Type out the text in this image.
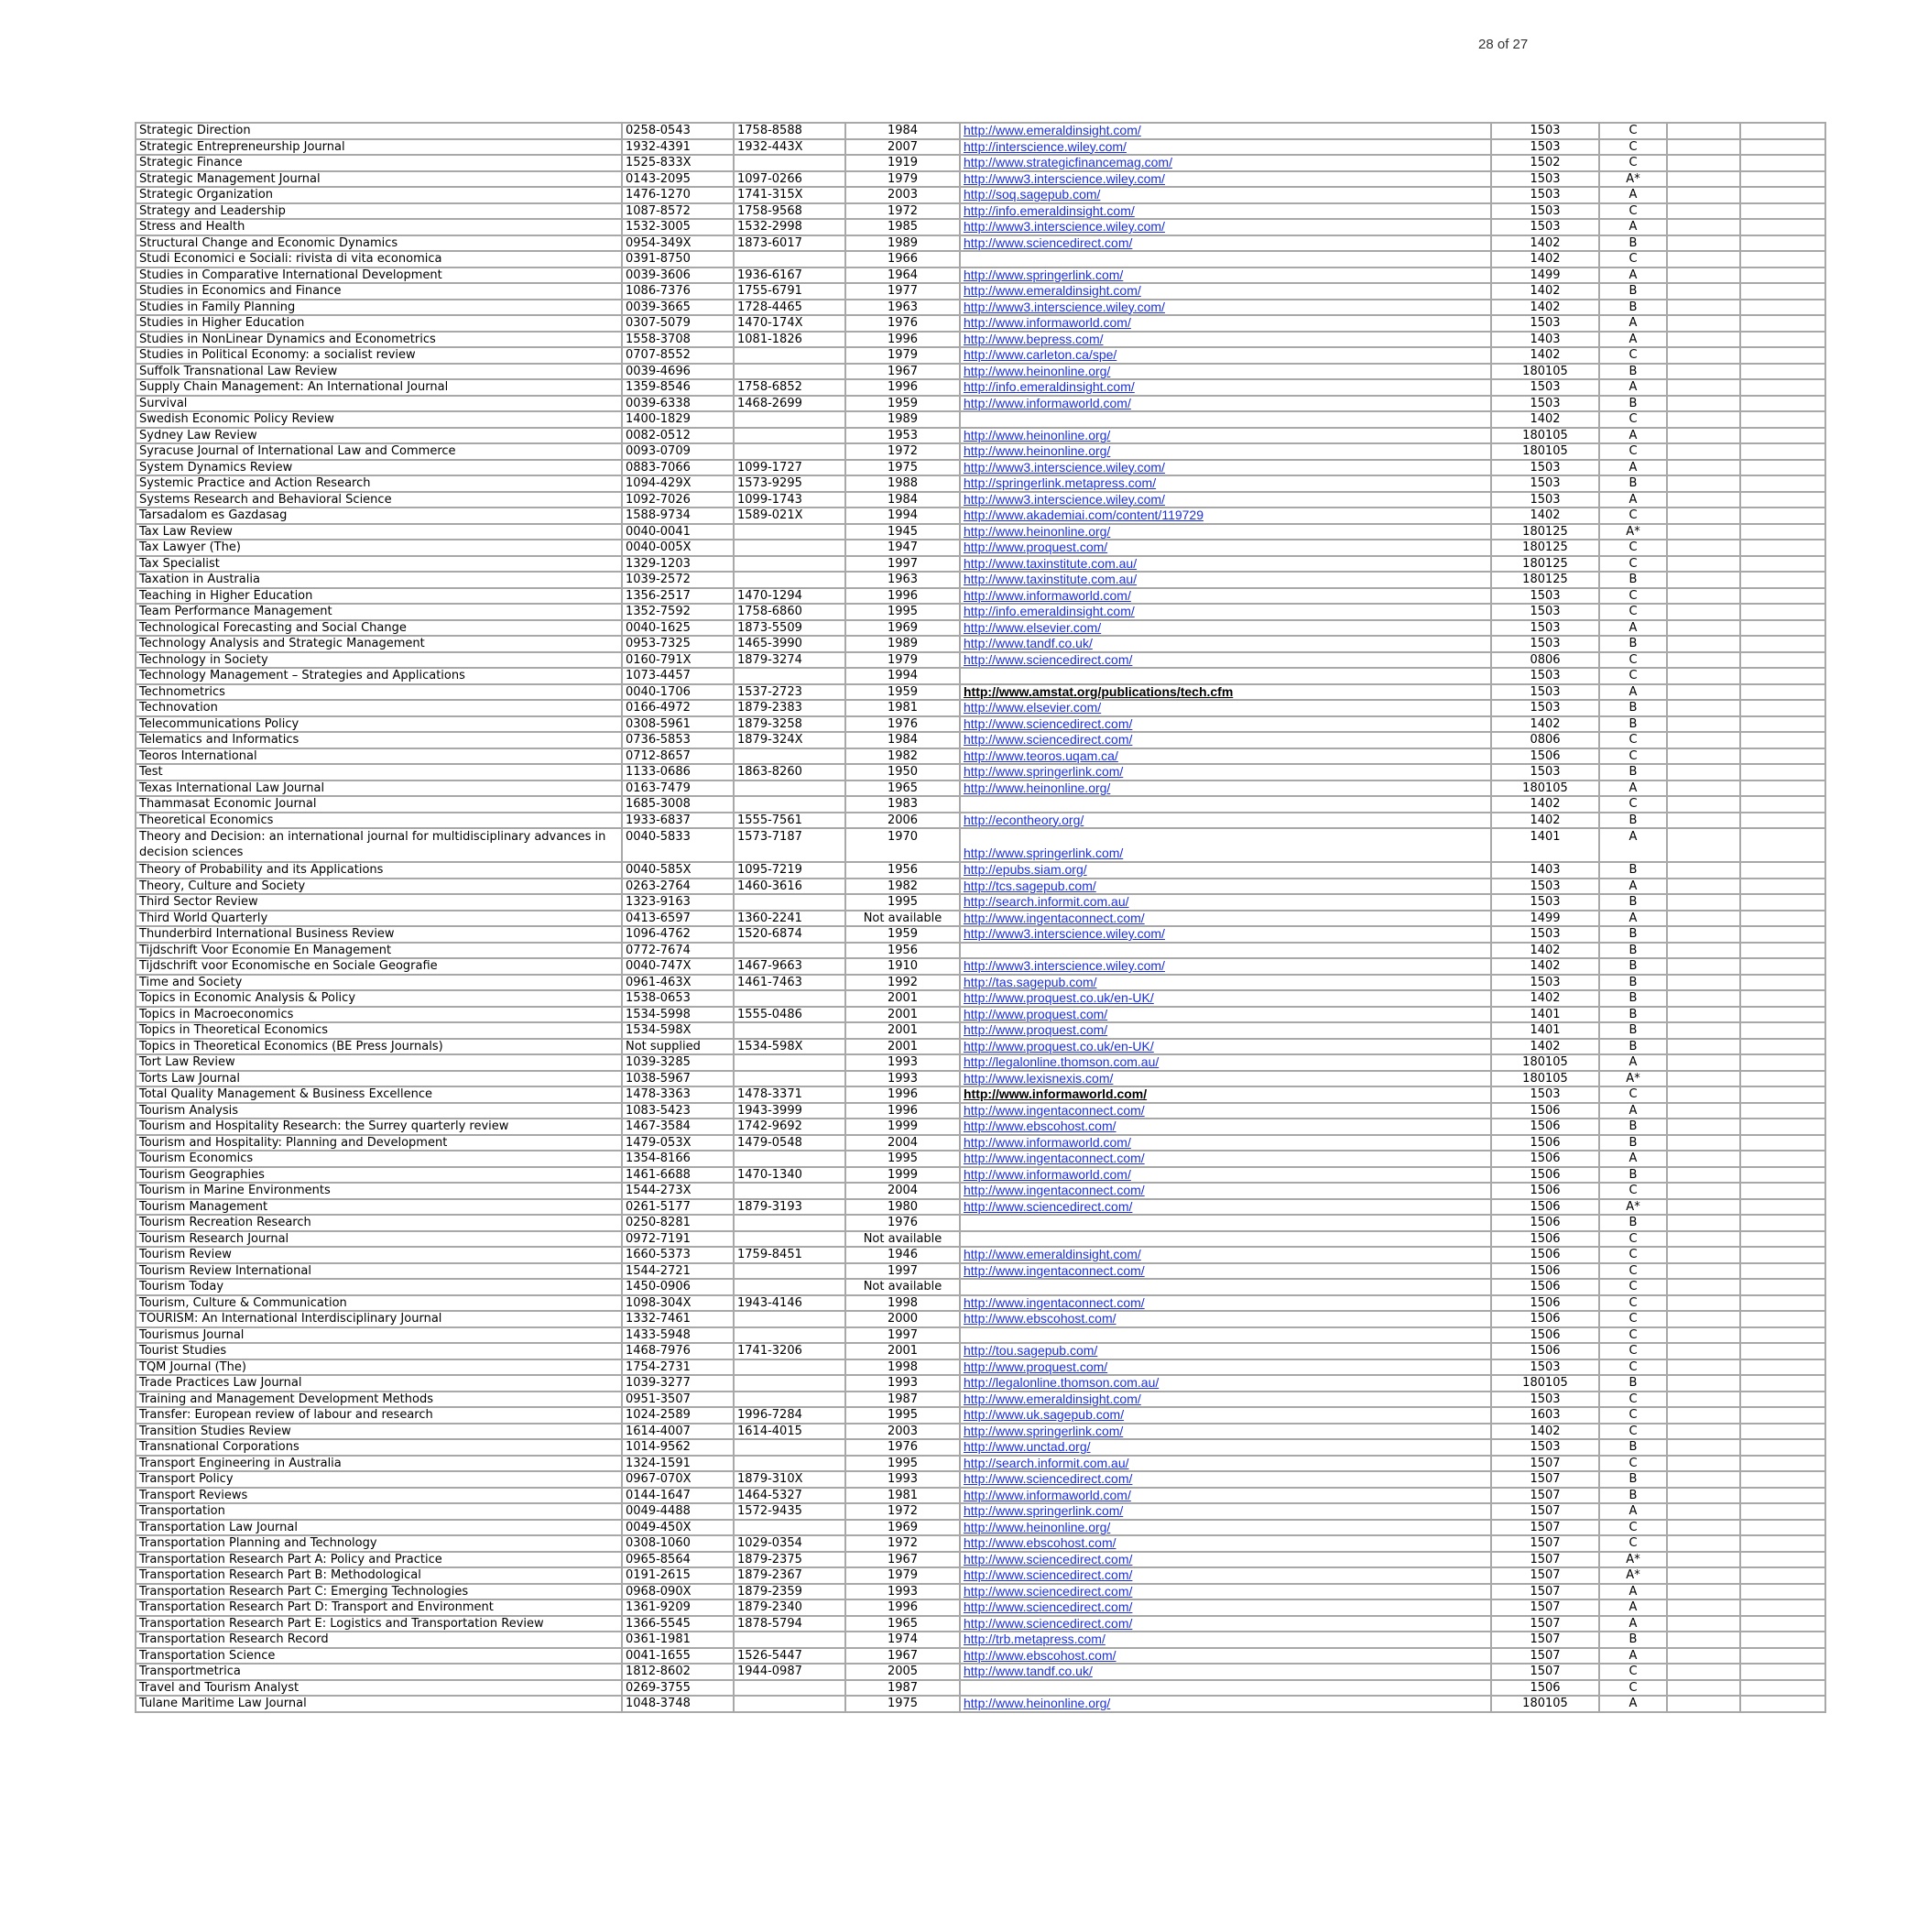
28 of 27
Strategic Direction	0258-0543	1758-8588	1984	http://www.emeraldinsight.com/	1503	C		
Strategic Entrepreneurship Journal	1932-4391	1932-443X	2007	http://interscience.wiley.com/	1503	C		
Strategic Finance	1525-833X		1919	http://www.strategicfinancemag.com/	1502	C		
Strategic Management Journal	0143-2095	1097-0266	1979	http://www3.interscience.wiley.com/	1503	A*		
Strategic Organization	1476-1270	1741-315X	2003	http://soq.sagepub.com/	1503	A		
Strategy and Leadership	1087-8572	1758-9568	1972	http://info.emeraldinsight.com/	1503	C		
Stress and Health	1532-3005	1532-2998	1985	http://www3.interscience.wiley.com/	1503	A		
Structural Change and Economic Dynamics	0954-349X	1873-6017	1989	http://www.sciencedirect.com/	1402	B		
Studi Economici e Sociali: rivista di vita economica	0391-8750		1966		1402	C		
Studies in Comparative International Development	0039-3606	1936-6167	1964	http://www.springerlink.com/	1499	A		
Studies in Economics and Finance	1086-7376	1755-6791	1977	http://www.emeraldinsight.com/	1402	B		
Studies in Family Planning	0039-3665	1728-4465	1963	http://www3.interscience.wiley.com/	1402	B		
Studies in Higher Education	0307-5079	1470-174X	1976	http://www.informaworld.com/	1503	A		
Studies in NonLinear Dynamics and Econometrics	1558-3708	1081-1826	1996	http://www.bepress.com/	1403	A		
Studies in Political Economy: a socialist review	0707-8552		1979	http://www.carleton.ca/spe/	1402	C		
Suffolk Transnational Law Review	0039-4696		1967	http://www.heinonline.org/	180105	B		
Supply Chain Management: An International Journal	1359-8546	1758-6852	1996	http://info.emeraldinsight.com/	1503	A		
Survival	0039-6338	1468-2699	1959	http://www.informaworld.com/	1503	B		
Swedish Economic Policy Review	1400-1829		1989		1402	C		
Sydney Law Review	0082-0512		1953	http://www.heinonline.org/	180105	A		
Syracuse Journal of International Law and Commerce	0093-0709		1972	http://www.heinonline.org/	180105	C		
System Dynamics Review	0883-7066	1099-1727	1975	http://www3.interscience.wiley.com/	1503	A		
Systemic Practice and Action Research	1094-429X	1573-9295	1988	http://springerlink.metapress.com/	1503	B		
Systems Research and Behavioral Science	1092-7026	1099-1743	1984	http://www3.interscience.wiley.com/	1503	A		
Tarsadalom es Gazdasag	1588-9734	1589-021X	1994	http://www.akademiai.com/content/119729	1402	C		
Tax Law Review	0040-0041		1945	http://www.heinonline.org/	180125	A*		
Tax Lawyer (The)	0040-005X		1947	http://www.proquest.com/	180125	C		
Tax Specialist	1329-1203		1997	http://www.taxinstitute.com.au/	180125	C		
Taxation in Australia	1039-2572		1963	http://www.taxinstitute.com.au/	180125	B		
Teaching in Higher Education	1356-2517	1470-1294	1996	http://www.informaworld.com/	1503	C		
Team Performance Management	1352-7592	1758-6860	1995	http://info.emeraldinsight.com/	1503	C		
Technological Forecasting and Social Change	0040-1625	1873-5509	1969	http://www.elsevier.com/	1503	A		
Technology Analysis and Strategic Management	0953-7325	1465-3990	1989	http://www.tandf.co.uk/	1503	B		
Technology in Society	0160-791X	1879-3274	1979	http://www.sciencedirect.com/	0806	C		
Technology Management – Strategies and Applications	1073-4457		1994		1503	C		
Technometrics	0040-1706	1537-2723	1959	http://www.amstat.org/publications/tech.cfm	1503	A		
Technovation	0166-4972	1879-2383	1981	http://www.elsevier.com/	1503	B		
Telecommunications Policy	0308-5961	1879-3258	1976	http://www.sciencedirect.com/	1402	B		
Telematics and Informatics	0736-5853	1879-324X	1984	http://www.sciencedirect.com/	0806	C		
Teoros International	0712-8657		1982	http://www.teoros.uqam.ca/	1506	C		
Test	1133-0686	1863-8260	1950	http://www.springerlink.com/	1503	B		
Texas International Law Journal	0163-7479		1965	http://www.heinonline.org/	180105	A		
Thammasat Economic Journal	1685-3008		1983		1402	C		
Theoretical Economics	1933-6837	1555-7561	2006	http://econtheory.org/	1402	B		
Theory and Decision: an international journal for multidisciplinary advances in decision sciences	0040-5833	1573-7187	1970	http://www.springerlink.com/	1401	A		
Theory of Probability and its Applications	0040-585X	1095-7219	1956	http://epubs.siam.org/	1403	B		
Theory, Culture and Society	0263-2764	1460-3616	1982	http://tcs.sagepub.com/	1503	A		
Third Sector Review	1323-9163		1995	http://search.informit.com.au/	1503	B		
Third World Quarterly	0413-6597	1360-2241	Not available	http://www.ingentaconnect.com/	1499	A		
Thunderbird International Business Review	1096-4762	1520-6874	1959	http://www3.interscience.wiley.com/	1503	B		
Tijdschrift Voor Economie En Management	0772-7674		1956		1402	B		
Tijdschrift voor Economische en Sociale Geografie	0040-747X	1467-9663	1910	http://www3.interscience.wiley.com/	1402	B		
Time and Society	0961-463X	1461-7463	1992	http://tas.sagepub.com/	1503	B		
Topics in Economic Analysis & Policy	1538-0653		2001	http://www.proquest.co.uk/en-UK/	1402	B		
Topics in Macroeconomics	1534-5998	1555-0486	2001	http://www.proquest.com/	1401	B		
Topics in Theoretical Economics	1534-598X		2001	http://www.proquest.com/	1401	B		
Topics in Theoretical Economics (BE Press Journals)	Not supplied	1534-598X	2001	http://www.proquest.co.uk/en-UK/	1402	B		
Tort Law Review	1039-3285		1993	http://legalonline.thomson.com.au/	180105	A		
Torts Law Journal	1038-5967		1993	http://www.lexisnexis.com/	180105	A*		
Total Quality Management & Business Excellence	1478-3363	1478-3371	1996	http://www.informaworld.com/	1503	C		
Tourism Analysis	1083-5423	1943-3999	1996	http://www.ingentaconnect.com/	1506	A		
Tourism and Hospitality Research: the Surrey quarterly review	1467-3584	1742-9692	1999	http://www.ebscohost.com/	1506	B		
Tourism and Hospitality: Planning and Development	1479-053X	1479-0548	2004	http://www.informaworld.com/	1506	B		
Tourism Economics	1354-8166		1995	http://www.ingentaconnect.com/	1506	A		
Tourism Geographies	1461-6688	1470-1340	1999	http://www.informaworld.com/	1506	B		
Tourism in Marine Environments	1544-273X		2004	http://www.ingentaconnect.com/	1506	C		
Tourism Management	0261-5177	1879-3193	1980	http://www.sciencedirect.com/	1506	A*		
Tourism Recreation Research	0250-8281		1976		1506	B		
Tourism Research Journal	0972-7191		Not available		1506	C		
Tourism Review	1660-5373	1759-8451	1946	http://www.emeraldinsight.com/	1506	C		
Tourism Review International	1544-2721		1997	http://www.ingentaconnect.com/	1506	C		
Tourism Today	1450-0906		Not available		1506	C		
Tourism, Culture & Communication	1098-304X	1943-4146	1998	http://www.ingentaconnect.com/	1506	C		
TOURISM: An International Interdisciplinary Journal	1332-7461		2000	http://www.ebscohost.com/	1506	C		
Tourismus Journal	1433-5948		1997		1506	C		
Tourist Studies	1468-7976	1741-3206	2001	http://tou.sagepub.com/	1506	C		
TQM Journal (The)	1754-2731		1998	http://www.proquest.com/	1503	C		
Trade Practices Law Journal	1039-3277		1993	http://legalonline.thomson.com.au/	180105	B		
Training and Management Development Methods	0951-3507		1987	http://www.emeraldinsight.com/	1503	C		
Transfer: European review of labour and research	1024-2589	1996-7284	1995	http://www.uk.sagepub.com/	1603	C		
Transition Studies Review	1614-4007	1614-4015	2003	http://www.springerlink.com/	1402	C		
Transnational Corporations	1014-9562		1976	http://www.unctad.org/	1503	B		
Transport Engineering in Australia	1324-1591		1995	http://search.informit.com.au/	1507	C		
Transport Policy	0967-070X	1879-310X	1993	http://www.sciencedirect.com/	1507	B		
Transport Reviews	0144-1647	1464-5327	1981	http://www.informaworld.com/	1507	B		
Transportation	0049-4488	1572-9435	1972	http://www.springerlink.com/	1507	A		
Transportation Law Journal	0049-450X		1969	http://www.heinonline.org/	1507	C		
Transportation Planning and Technology	0308-1060	1029-0354	1972	http://www.ebscohost.com/	1507	C		
Transportation Research Part A: Policy and Practice	0965-8564	1879-2375	1967	http://www.sciencedirect.com/	1507	A*		
Transportation Research Part B: Methodological	0191-2615	1879-2367	1979	http://www.sciencedirect.com/	1507	A*		
Transportation Research Part C: Emerging Technologies	0968-090X	1879-2359	1993	http://www.sciencedirect.com/	1507	A		
Transportation Research Part D: Transport and Environment	1361-9209	1879-2340	1996	http://www.sciencedirect.com/	1507	A		
Transportation Research Part E: Logistics and Transportation Review	1366-5545	1878-5794	1965	http://www.sciencedirect.com/	1507	A		
Transportation Research Record	0361-1981		1974	http://trb.metapress.com/	1507	B		
Transportation Science	0041-1655	1526-5447	1967	http://www.ebscohost.com/	1507	A		
Transportmetrica	1812-8602	1944-0987	2005	http://www.tandf.co.uk/	1507	C		
Travel and Tourism Analyst	0269-3755		1987		1506	C		
Tulane Maritime Law Journal	1048-3748		1975	http://www.heinonline.org/	180105	A		
